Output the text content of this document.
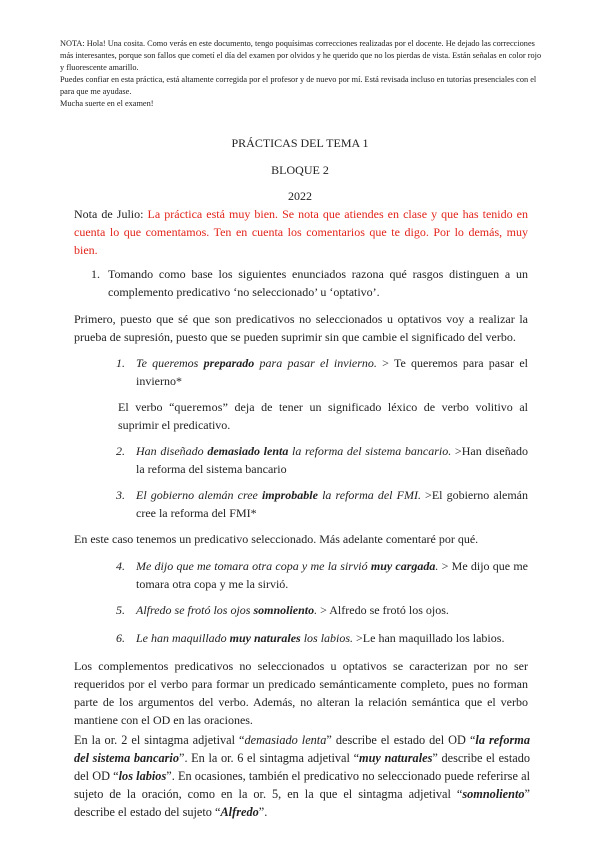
NOTA: Hola! Una cosita. Como verás en este documento, tengo poquísimas correcciones realizadas por el docente. He dejado las correcciones más interesantes, porque son fallos que cometí el día del examen por olvidos y he querido que no los pierdas de vista. Están señalas en color rojo y fluorescente amarillo.

Puedes confiar en esta práctica, está altamente corregida por el profesor y de nuevo por mí. Está revisada incluso en tutorías presenciales con el para que me ayudase.

Mucha suerte en el examen!

PRÁCTICAS DEL TEMA 1
BLOQUE 2
2022
Nota de Julio: La práctica está muy bien. Se nota que atiendes en clase y que has tenido en cuenta lo que comentamos. Ten en cuenta los comentarios que te digo. Por lo demás, muy bien.
1. Tomando como base los siguientes enunciados razona qué rasgos distinguen a un complemento predicativo ‘no seleccionado’ u ‘optativo’.
Primero, puesto que sé que son predicativos no seleccionados u optativos voy a realizar la prueba de supresión, puesto que se pueden suprimir sin que cambie el significado del verbo.
1. Te queremos preparado para pasar el invierno. > Te queremos para pasar el invierno*
El verbo “queremos” deja de tener un significado léxico de verbo volitivo al suprimir el predicativo.
2. Han diseñado demasiado lenta la reforma del sistema bancario. >Han diseñado la reforma del sistema bancario
3. El gobierno alemán cree improbable la reforma del FMI. >El gobierno alemán cree la reforma del FMI*
En este caso tenemos un predicativo seleccionado. Más adelante comentaré por qué.
4. Me dijo que me tomara otra copa y me la sirvió muy cargada. > Me dijo que me tomara otra copa y me la sirvió.
5. Alfredo se frotó los ojos somnoliento. > Alfredo se frotó los ojos.
6. Le han maquillado muy naturales los labios. >Le han maquillado los labios.
Los complementos predicativos no seleccionados u optativos se caracterizan por no ser requeridos por el verbo para formar un predicado semánticamente completo, pues no forman parte de los argumentos del verbo. Además, no alteran la relación semántica que el verbo mantiene con el OD en las oraciones.
En la or. 2 el sintagma adjetival “demasiado lenta” describe el estado del OD “la reforma del sistema bancario”. En la or. 6 el sintagma adjetival “muy naturales” describe el estado del OD “los labios”. En ocasiones, también el predicativo no seleccionado puede referirse al sujeto de la oración, como en la or. 5, en la que el sintagma adjetival “somnoliento” describe el estado del sujeto “Alfredo”.
